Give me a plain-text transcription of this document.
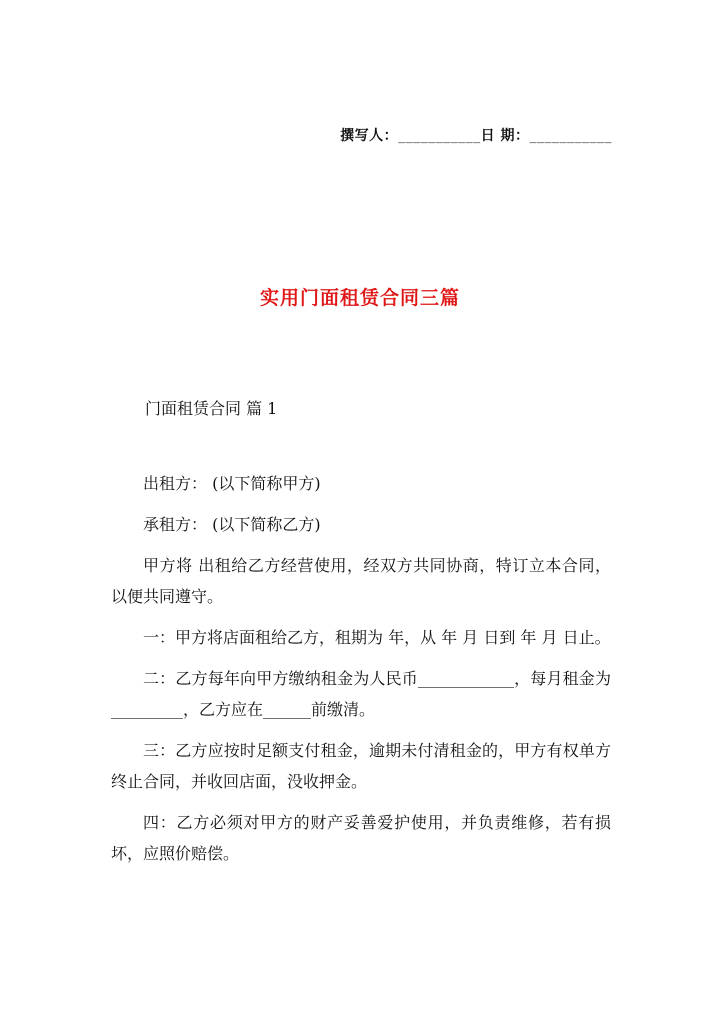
撰写人：___________日 期：___________
实用门面租赁合同三篇
门面租赁合同 篇 1

出租方： (以下简称甲方)

承租方： (以下简称乙方)

甲方将 出租给乙方经营使用，经双方共同协商，特订立本合同，以便共同遵守。

一：甲方将店面租给乙方，租期为 年，从 年 月 日到 年 月 日止。

二：乙方每年向甲方缴纳租金为人民币____________，每月租金为_________，乙方应在______前缴清。

三：乙方应按时足额支付租金，逾期未付清租金的，甲方有权单方终止合同，并收回店面，没收押金。

四：乙方必须对甲方的财产妥善爱护使用，并负责维修，若有损坏，应照价赔偿。
